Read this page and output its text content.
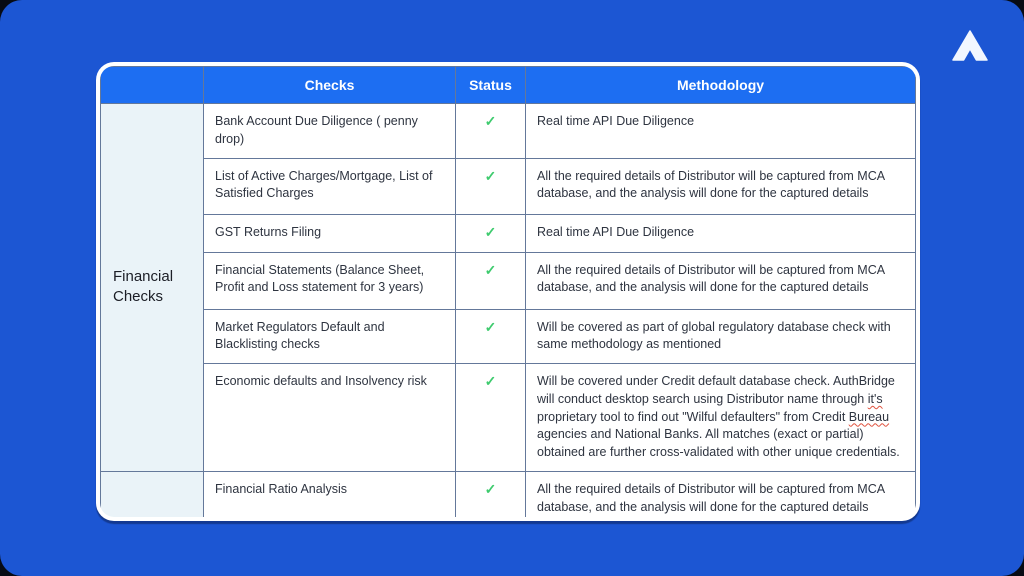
	Checks	Status	Methodology
Financial Checks	Bank Account Due Diligence ( penny drop)	✓	Real time API Due Diligence
	List of Active Charges/Mortgage, List of Satisfied Charges	✓	All the required details of Distributor will be captured from MCA database, and the analysis will done for the captured details
	GST Returns Filing	✓	Real time API Due Diligence
	Financial Statements (Balance Sheet, Profit and Loss statement for 3 years)	✓	All the required details of Distributor will be captured from MCA database, and the analysis will done for the captured details
	Market Regulators Default and Blacklisting checks	✓	Will be covered as part of global regulatory database check with same methodology as mentioned
	Economic defaults and Insolvency risk	✓	Will be covered under Credit default database check. AuthBridge will conduct desktop search using Distributor name through it's proprietary tool to find out "Wilful defaulters" from Credit Bureau agencies and National Banks. All matches (exact or partial) obtained are further cross-validated with other unique credentials.
	Financial Ratio Analysis	✓	All the required details of Distributor will be captured from MCA database, and the analysis will done for the captured details
